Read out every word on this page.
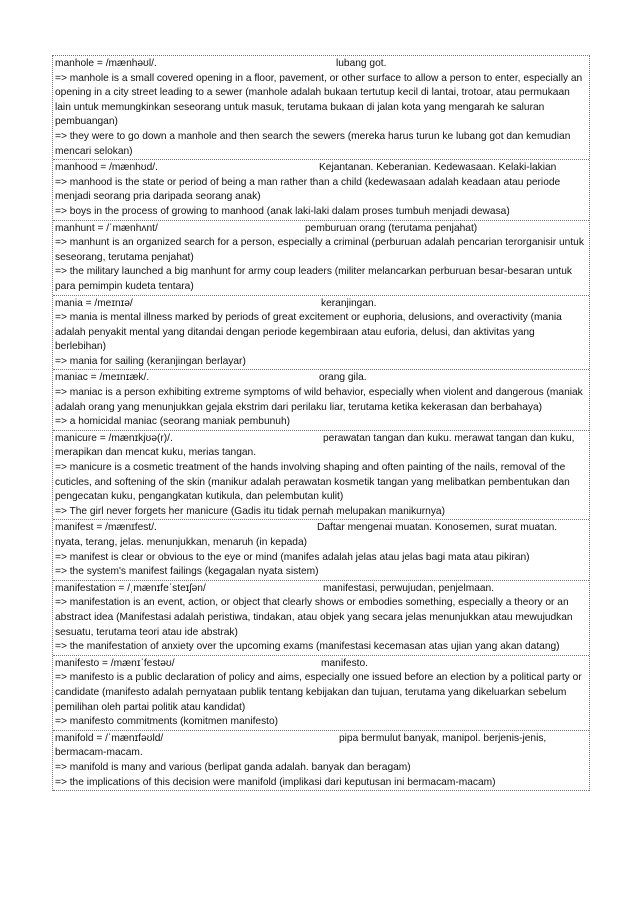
manhole = /mænhəʊl/.	lubang got.

=> manhole is a small covered opening in a floor, pavement, or other surface to allow a person to enter, especially an opening in a city street leading to a sewer (manhole adalah bukaan tertutup kecil di lantai, trotoar, atau permukaan lain untuk memungkinkan seseorang untuk masuk, terutama bukaan di jalan kota yang mengarah ke saluran pembuangan)

=> they were to go down a manhole and then search the sewers (mereka harus turun ke lubang got dan kemudian mencari selokan)

manhood = /mænhʊd/.	Kejantanan. Keberanian. Kedewasaan. Kelaki-lakian

=> manhood is the state or period of being a man rather than a child (kedewasaan adalah keadaan atau periode menjadi seorang pria daripada seorang anak)

=> boys in the process of growing to manhood (anak laki-laki dalam proses tumbuh menjadi dewasa)

manhunt = /ˈmænhʌnt/	pemburuan orang (terutama penjahat)

=> manhunt is an organized search for a person, especially a criminal (perburuan adalah pencarian terorganisir untuk seseorang, terutama penjahat)

=> the military launched a big manhunt for army coup leaders (militer melancarkan perburuan besar-besaran untuk para pemimpin kudeta tentara)

mania = /meɪnɪə/	keranjingan.

=> mania is mental illness marked by periods of great excitement or euphoria, delusions, and overactivity (mania adalah penyakit mental yang ditandai dengan periode kegembiraan atau euforia, delusi, dan aktivitas yang berlebihan)

=> mania for sailing (keranjingan berlayar)

maniac = /meɪnɪæk/.	orang gila.

=> maniac is a person exhibiting extreme symptoms of wild behavior, especially when violent and dangerous (maniak adalah orang yang menunjukkan gejala ekstrim dari perilaku liar, terutama ketika kekerasan dan berbahaya)

=> a homicidal maniac (seorang maniak pembunuh)

manicure = /mænɪkjʊə(r)/.	perawatan tangan dan kuku. merawat tangan dan kuku, merapikan dan mencat kuku, merias tangan.

=> manicure is a cosmetic treatment of the hands involving shaping and often painting of the nails, removal of the cuticles, and softening of the skin (manikur adalah perawatan kosmetik tangan yang melibatkan pembentukan dan pengecatan kuku, pengangkatan kutikula, dan pelembutan kulit)

=> The girl never forgets her manicure (Gadis itu tidak pernah melupakan manikurnya)

manifest = /mænɪfest/.	Daftar mengenai muatan. Konosemen, surat muatan. nyata, terang, jelas. menunjukkan, menaruh (in kepada)

=> manifest is clear or obvious to the eye or mind (manifes adalah jelas atau jelas bagi mata atau pikiran)

=> the system's manifest failings (kegagalan nyata sistem)

manifestation = /ˌmænɪfeˈsteɪʃən/	manifestasi, perwujudan, penjelmaan.

=> manifestation is an event, action, or object that clearly shows or embodies something, especially a theory or an abstract idea (Manifestasi adalah peristiwa, tindakan, atau objek yang secara jelas menunjukkan atau mewujudkan sesuatu, terutama teori atau ide abstrak)

=> the manifestation of anxiety over the upcoming exams (manifestasi kecemasan atas ujian yang akan datang)

manifesto = /mænɪˈfestəʊ/	manifesto.

=> manifesto is a public declaration of policy and aims, especially one issued before an election by a political party or candidate (manifesto adalah pernyataan publik tentang kebijakan dan tujuan, terutama yang dikeluarkan sebelum pemilihan oleh partai politik atau kandidat)

=> manifesto commitments (komitmen manifesto)

manifold = /ˈmænɪfəʊld/	pipa bermulut banyak, manipol. berjenis-jenis, bermacam-macam.

=> manifold is many and various (berlipat ganda adalah. banyak dan beragam)

=> the implications of this decision were manifold (implikasi dari keputusan ini bermacam-macam)
